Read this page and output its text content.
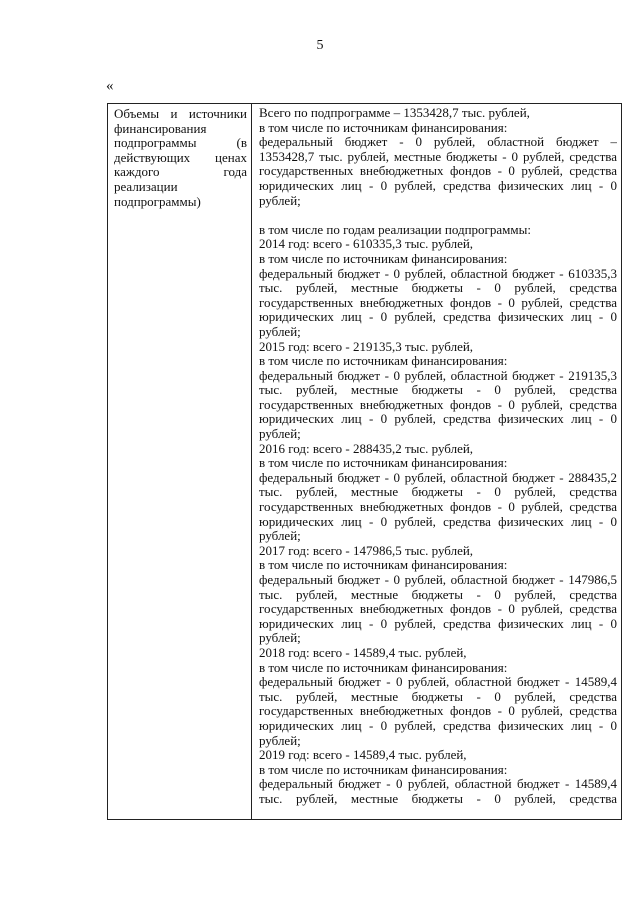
5
«
Объемы и источники
финансирования
подпрограммы (в
действующих ценах
каждого года
реализации
подпрограммы)
Всего по подпрограмме – 1353428,7 тыс. рублей,
в том числе по источникам финансирования:
федеральный бюджет - 0 рублей, областной бюджет –
1353428,7 тыс. рублей, местные бюджеты - 0 рублей, средства
государственных внебюджетных фондов - 0 рублей, средства
юридических лиц - 0 рублей, средства физических лиц - 0
рублей;
в том числе по годам реализации подпрограммы:
2014 год: всего - 610335,3 тыс. рублей,
в том числе по источникам финансирования:
федеральный бюджет - 0 рублей, областной бюджет - 610335,3
тыс. рублей, местные бюджеты - 0 рублей, средства
государственных внебюджетных фондов - 0 рублей, средства
юридических лиц - 0 рублей, средства физических лиц - 0
рублей;
2015 год: всего - 219135,3 тыс. рублей,
в том числе по источникам финансирования:
федеральный бюджет - 0 рублей, областной бюджет - 219135,3
тыс. рублей, местные бюджеты - 0 рублей, средства
государственных внебюджетных фондов - 0 рублей, средства
юридических лиц - 0 рублей, средства физических лиц - 0
рублей;
2016 год: всего - 288435,2 тыс. рублей,
в том числе по источникам финансирования:
федеральный бюджет - 0 рублей, областной бюджет - 288435,2
тыс. рублей, местные бюджеты - 0 рублей, средства
государственных внебюджетных фондов - 0 рублей, средства
юридических лиц - 0 рублей, средства физических лиц - 0
рублей;
2017 год: всего - 147986,5 тыс. рублей,
в том числе по источникам финансирования:
федеральный бюджет - 0 рублей, областной бюджет - 147986,5
тыс. рублей, местные бюджеты - 0 рублей, средства
государственных внебюджетных фондов - 0 рублей, средства
юридических лиц - 0 рублей, средства физических лиц - 0
рублей;
2018 год: всего - 14589,4 тыс. рублей,
в том числе по источникам финансирования:
федеральный бюджет - 0 рублей, областной бюджет - 14589,4
тыс. рублей, местные бюджеты - 0 рублей, средства
государственных внебюджетных фондов - 0 рублей, средства
юридических лиц - 0 рублей, средства физических лиц - 0
рублей;
2019 год: всего - 14589,4 тыс. рублей,
в том числе по источникам финансирования:
федеральный бюджет - 0 рублей, областной бюджет - 14589,4
тыс. рублей, местные бюджеты - 0 рублей, средства
